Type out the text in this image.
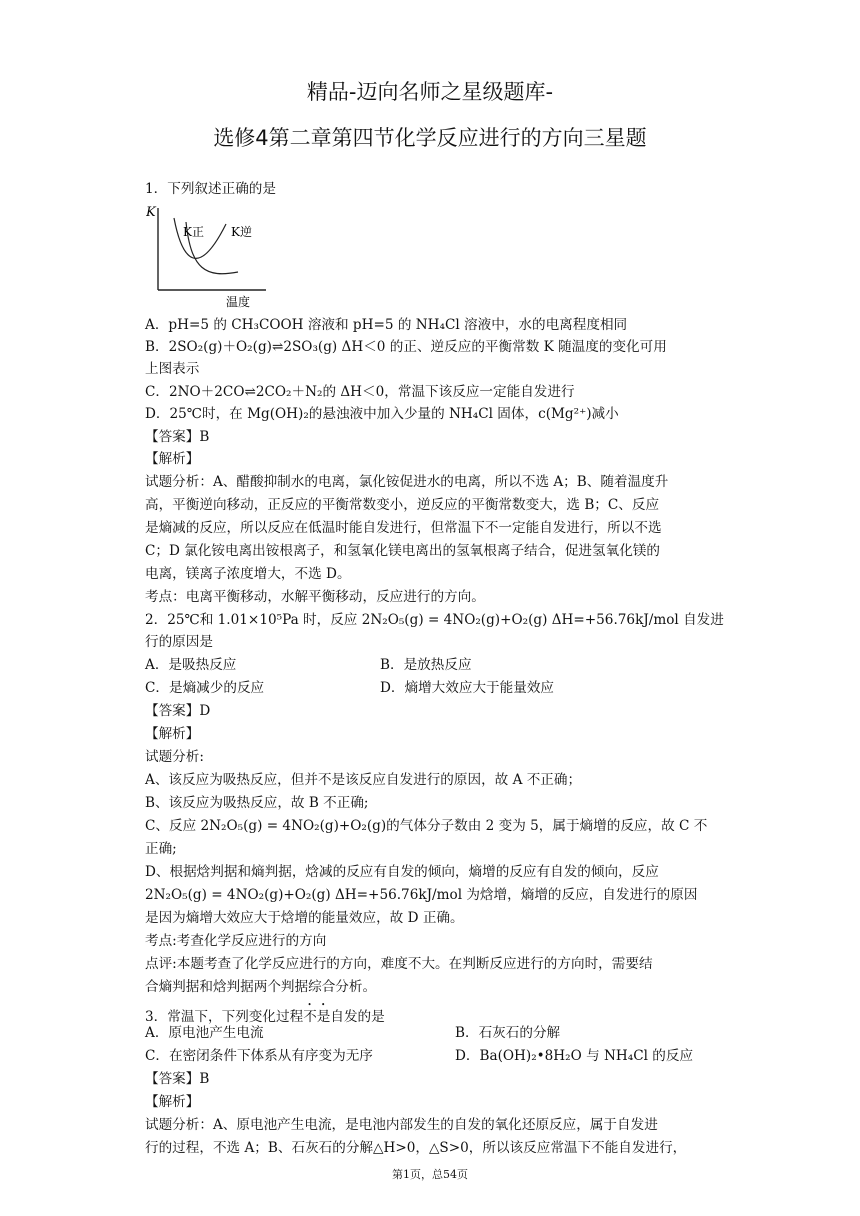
精品-迈向名师之星级题库-
选修4第二章第四节化学反应进行的方向三星题
K
K正 K逆
温度
1．下列叙述正确的是
A．pH=5 的 CH₃COOH 溶液和 pH=5 的 NH₄Cl 溶液中，水的电离程度相同
B．2SO₂(g)＋O₂(g)⇌2SO₃(g) ΔH＜0 的正、逆反应的平衡常数 K 随温度的变化可用
上图表示
C．2NO＋2CO⇌2CO₂＋N₂的 ΔH＜0，常温下该反应一定能自发进行
D．25℃时，在 Mg(OH)₂的悬浊液中加入少量的 NH₄Cl 固体，c(Mg²⁺)减小
【答案】B
【解析】
试题分析：A、醋酸抑制水的电离，氯化铵促进水的电离，所以不选 A；B、随着温度升
高，平衡逆向移动，正反应的平衡常数变小，逆反应的平衡常数变大，选 B；C、反应
是熵减的反应，所以反应在低温时能自发进行，但常温下不一定能自发进行，所以不选
C；D 氯化铵电离出铵根离子，和氢氧化镁电离出的氢氧根离子结合，促进氢氧化镁的
电离，镁离子浓度增大，不选 D。
考点：电离平衡移动，水解平衡移动，反应进行的方向。
2．25℃和 1.01×10⁵Pa 时，反应 2N₂O₅(g) = 4NO₂(g)+O₂(g) ΔH=+56.76kJ/mol 自发进
行的原因是
A．是吸热反应	B．是放热反应
C．是熵减少的反应	D．熵增大效应大于能量效应
【答案】D
【解析】
试题分析:
A、该反应为吸热反应，但并不是该反应自发进行的原因，故 A 不正确；
B、该反应为吸热反应，故 B 不正确;
C、反应 2N₂O₅(g) = 4NO₂(g)+O₂(g)的气体分子数由 2 变为 5，属于熵增的反应，故 C 不
正确;
D、根据焓判据和熵判据，焓减的反应有自发的倾向，熵增的反应有自发的倾向，反应
2N₂O₅(g) = 4NO₂(g)+O₂(g) ΔH=+56.76kJ/mol 为焓增，熵增的反应，自发进行的原因
是因为熵增大效应大于焓增的能量效应，故 D 正确。
考点:考查化学反应进行的方向
点评:本题考查了化学反应进行的方向，难度不大。在判断反应进行的方向时，需要结
合熵判据和焓判据两个判据综合分析。
3．常温下，下列变化过程不是自发的是
A．原电池产生电流	B．石灰石的分解
C．在密闭条件下体系从有序变为无序	D．Ba(OH)₂•8H₂O 与 NH₄Cl 的反应
【答案】B
【解析】
试题分析：A、原电池产生电流，是电池内部发生的自发的氧化还原反应，属于自发进
行的过程，不选 A；B、石灰石的分解△H>0，△S>0，所以该反应常温下不能自发进行，
第1页，总54页
